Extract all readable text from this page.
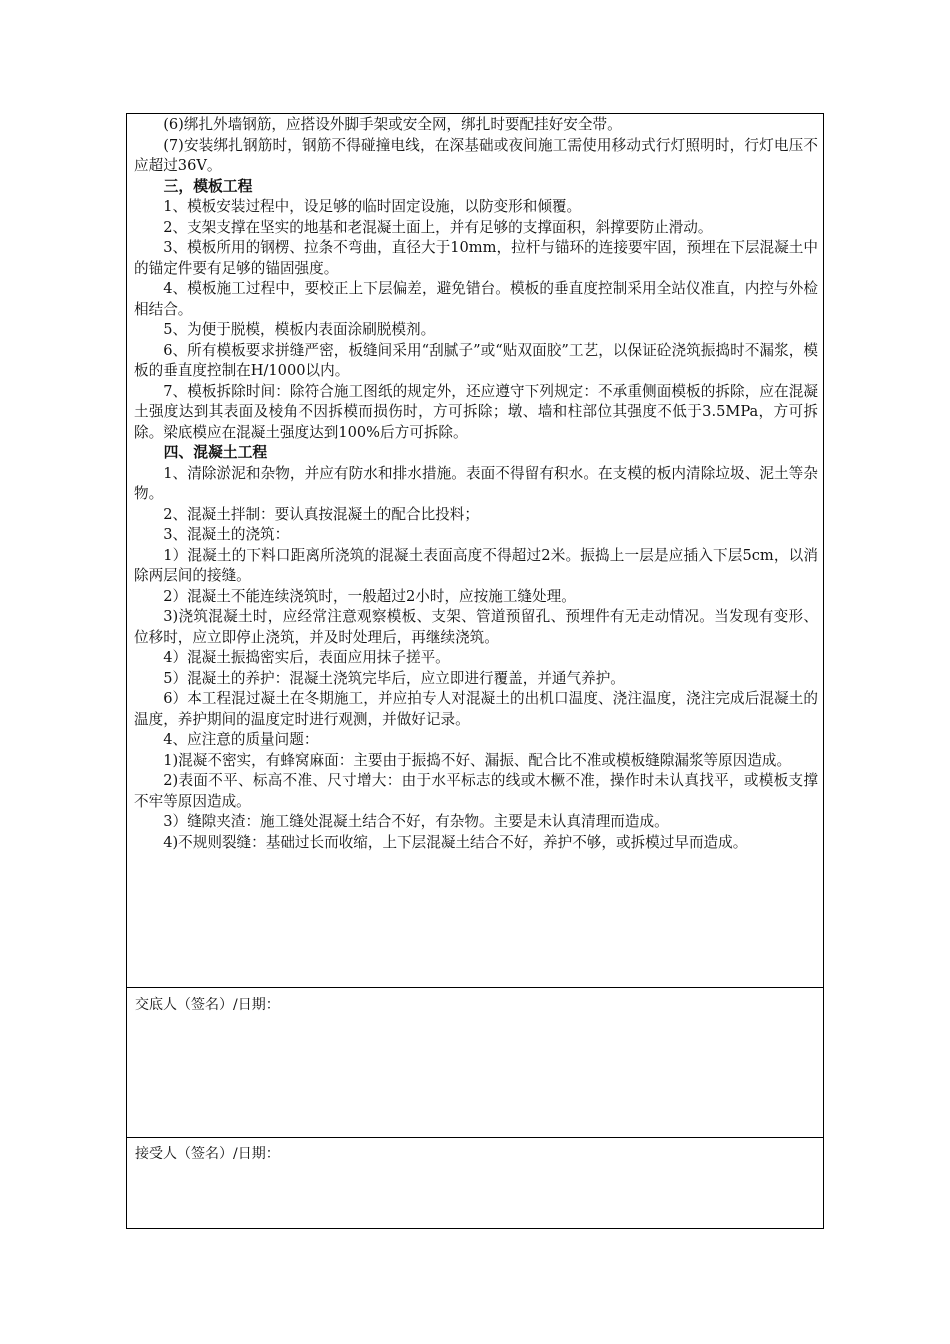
(6)绑扎外墙钢筋，应搭设外脚手架或安全网，绑扎时要配挂好安全带。

(7)安装绑扎钢筋时，钢筋不得碰撞电线，在深基础或夜间施工需使用移动式行灯照明时，行灯电压不应超过36V。

三，模板工程

1、模板安装过程中，设足够的临时固定设施，以防变形和倾覆。

2、支架支撑在坚实的地基和老混凝土面上，并有足够的支撑面积，斜撑要防止滑动。

3、模板所用的钢楞、拉条不弯曲，直径大于10mm，拉杆与锚环的连接要牢固，预埋在下层混凝土中的锚定件要有足够的锚固强度。

4、模板施工过程中，要校正上下层偏差，避免错台。模板的垂直度控制采用全站仪准直，内控与外检相结合。

5、为便于脱模，模板内表面涂刷脱模剂。

6、所有模板要求拼缝严密，板缝间采用“刮腻子”或“贴双面胶”工艺，以保证砼浇筑振捣时不漏浆，模板的垂直度控制在H/1000以内。

7、模板拆除时间：除符合施工图纸的规定外，还应遵守下列规定：不承重侧面模板的拆除，应在混凝土强度达到其表面及棱角不因拆模而损伤时，方可拆除；墩、墙和柱部位其强度不低于3.5MPa，方可拆除。梁底模应在混凝土强度达到100%后方可拆除。

四、混凝土工程

1、清除淤泥和杂物，并应有防水和排水措施。表面不得留有积水。在支模的板内清除垃圾、泥土等杂物。

2、混凝土拌制：要认真按混凝土的配合比投料；

3、混凝土的浇筑：

1）混凝土的下料口距离所浇筑的混凝土表面高度不得超过2米。振捣上一层是应插入下层5cm，以消除两层间的接缝。

2）混凝土不能连续浇筑时，一般超过2小时，应按施工缝处理。

3)浇筑混凝土时，应经常注意观察模板、支架、管道预留孔、预埋件有无走动情况。当发现有变形、位移时，应立即停止浇筑，并及时处理后，再继续浇筑。

4）混凝土振捣密实后，表面应用抹子搓平。

5）混凝土的养护：混凝土浇筑完毕后，应立即进行覆盖，并通气养护。

6）本工程混过凝土在冬期施工，并应拍专人对混凝土的出机口温度、浇注温度，浇注完成后混凝土的温度，养护期间的温度定时进行观测，并做好记录。

4、应注意的质量问题：

1)混凝不密实，有蜂窝麻面：主要由于振捣不好、漏振、配合比不准或模板缝隙漏浆等原因造成。

2)表面不平、标高不准、尺寸增大：由于水平标志的线或木橛不准，操作时未认真找平，或模板支撑不牢等原因造成。

3）缝隙夹渣：施工缝处混凝土结合不好，有杂物。主要是未认真清理而造成。

4)不规则裂缝：基础过长而收缩，上下层混凝土结合不好，养护不够，或拆模过早而造成。

交底人（签名）/日期：
接受人（签名）/日期：
